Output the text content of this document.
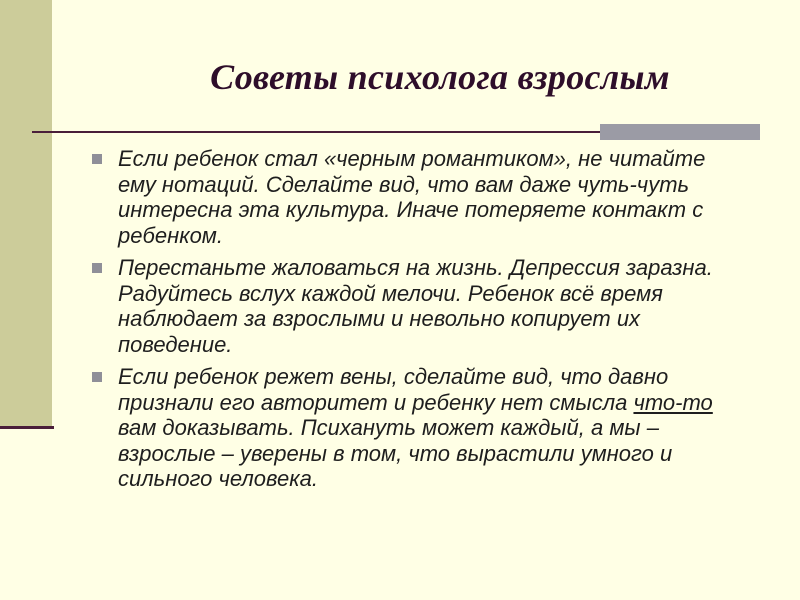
Советы психолога взрослым
Если ребенок стал «черным романтиком», не читайте ему нотаций. Сделайте вид, что вам даже чуть-чуть интересна эта культура. Иначе потеряете контакт с ребенком.
Перестаньте жаловаться на жизнь. Депрессия заразна. Радуйтесь вслух каждой мелочи. Ребенок всё время наблюдает за взрослыми и невольно копирует их поведение.
Если ребенок режет вены, сделайте вид, что давно признали его авторитет и ребенку нет смысла что-то вам доказывать. Психануть может каждый, а мы – взрослые – уверены в том, что вырастили умного и сильного человека.
